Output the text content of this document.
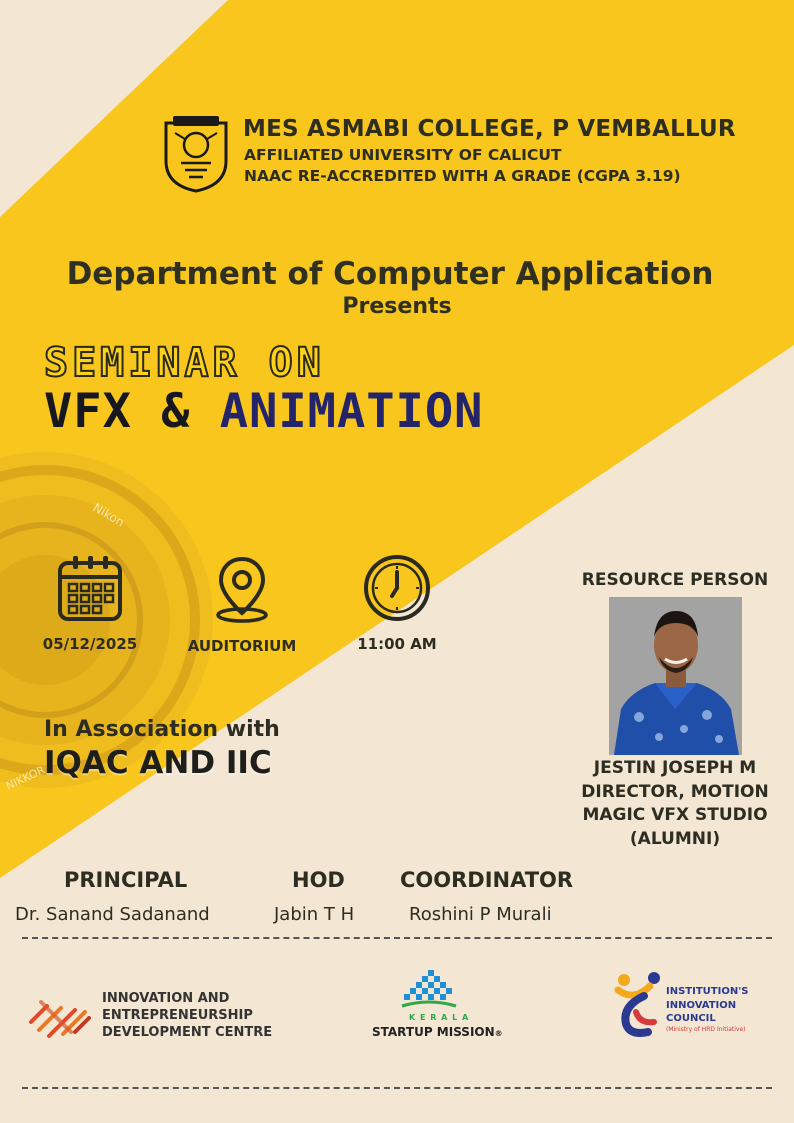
Nikon
NIKKOR
MES ASMABI COLLEGE, P VEMBALLUR
AFFILIATED UNIVERSITY OF CALICUT
NAAC RE-ACCREDITED WITH A GRADE (CGPA 3.19)
Department of Computer Application
Presents
SEMINAR ON
VFX & ANIMATION
05/12/2025	AUDITORIUM	11:00 AM
In Association with
IQAC AND IIC
RESOURCE PERSON
JESTIN JOSEPH M
DIRECTOR, MOTION
MAGIC VFX STUDIO
(ALUMNI)
PRINCIPAL
Dr. Sanand Sadanand
HOD
Jabin T H
COORDINATOR
Roshini P Murali
INNOVATION AND
ENTREPRENEURSHIP
DEVELOPMENT CENTRE
K E R A L A
STARTUP MISSION®
INSTITUTION'S
INNOVATION
COUNCIL
(Ministry of HRD Initiative)
